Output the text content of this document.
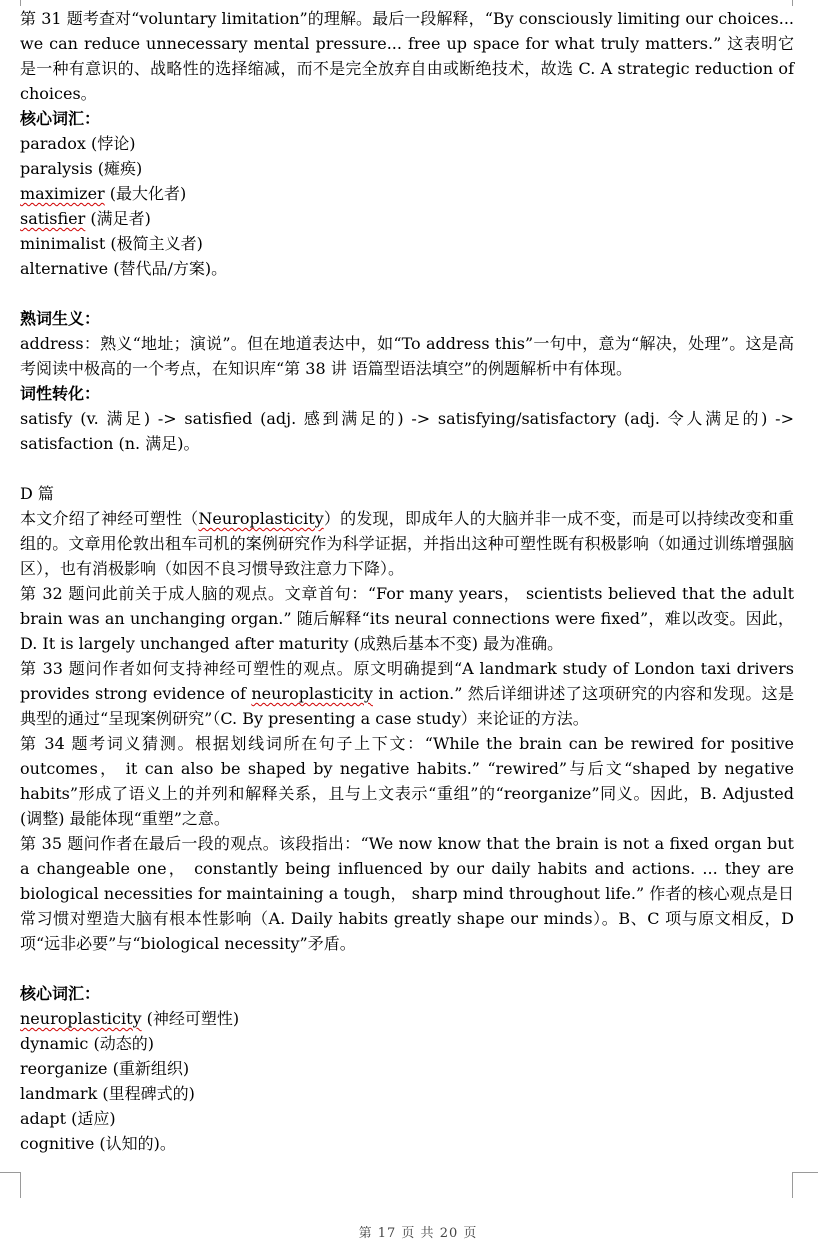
第 31 题考查对“voluntary limitation”的理解。最后一段解释，“By consciously limiting our choices... we can reduce unnecessary mental pressure... free up space for what truly matters.” 这表明它是一种有意识的、战略性的选择缩减，而不是完全放弃自由或断绝技术，故选 C. A strategic reduction of choices。

核心词汇：

paradox (悖论)

paralysis (瘫痪)

maximizer (最大化者)

satisfier (满足者)

minimalist (极简主义者)

alternative (替代品/方案)。

熟词生义：

address：熟义“地址；演说”。但在地道表达中，如“To address this”一句中，意为“解决，处理”。这是高考阅读中极高的一个考点，在知识库“第 38 讲 语篇型语法填空”的例题解析中有体现。

词性转化：

satisfy (v. 满足) -> satisfied (adj. 感到满足的) -> satisfying/satisfactory (adj. 令人满足的) -> satisfaction (n. 满足)。

D 篇

本文介绍了神经可塑性（Neuroplasticity）的发现，即成年人的大脑并非一成不变，而是可以持续改变和重组的。文章用伦敦出租车司机的案例研究作为科学证据，并指出这种可塑性既有积极影响（如通过训练增强脑区），也有消极影响（如因不良习惯导致注意力下降）。

第 32 题问此前关于成人脑的观点。文章首句：“For many years， scientists believed that the adult brain was an unchanging organ.” 随后解释“its neural connections were fixed”，难以改变。因此，D. It is largely unchanged after maturity (成熟后基本不变) 最为准确。

第 33 题问作者如何支持神经可塑性的观点。原文明确提到“A landmark study of London taxi drivers provides strong evidence of neuroplasticity in action.” 然后详细讲述了这项研究的内容和发现。这是典型的通过“呈现案例研究”（C. By presenting a case study）来论证的方法。

第 34 题考词义猜测。根据划线词所在句子上下文：“While the brain can be rewired for positive outcomes， it can also be shaped by negative habits.” “rewired”与后文“shaped by negative habits”形成了语义上的并列和解释关系，且与上文表示“重组”的“reorganize”同义。因此，B. Adjusted (调整) 最能体现“重塑”之意。

第 35 题问作者在最后一段的观点。该段指出：“We now know that the brain is not a fixed organ but a changeable one， constantly being influenced by our daily habits and actions. ... they are biological necessities for maintaining a tough， sharp mind throughout life.” 作者的核心观点是日常习惯对塑造大脑有根本性影响（A. Daily habits greatly shape our minds）。B、C 项与原文相反，D 项“远非必要”与“biological necessity”矛盾。

核心词汇：

neuroplasticity (神经可塑性)

dynamic (动态的)

reorganize (重新组织)

landmark (里程碑式的)

adapt (适应)

cognitive (认知的)。

第 17 页 共 20 页
